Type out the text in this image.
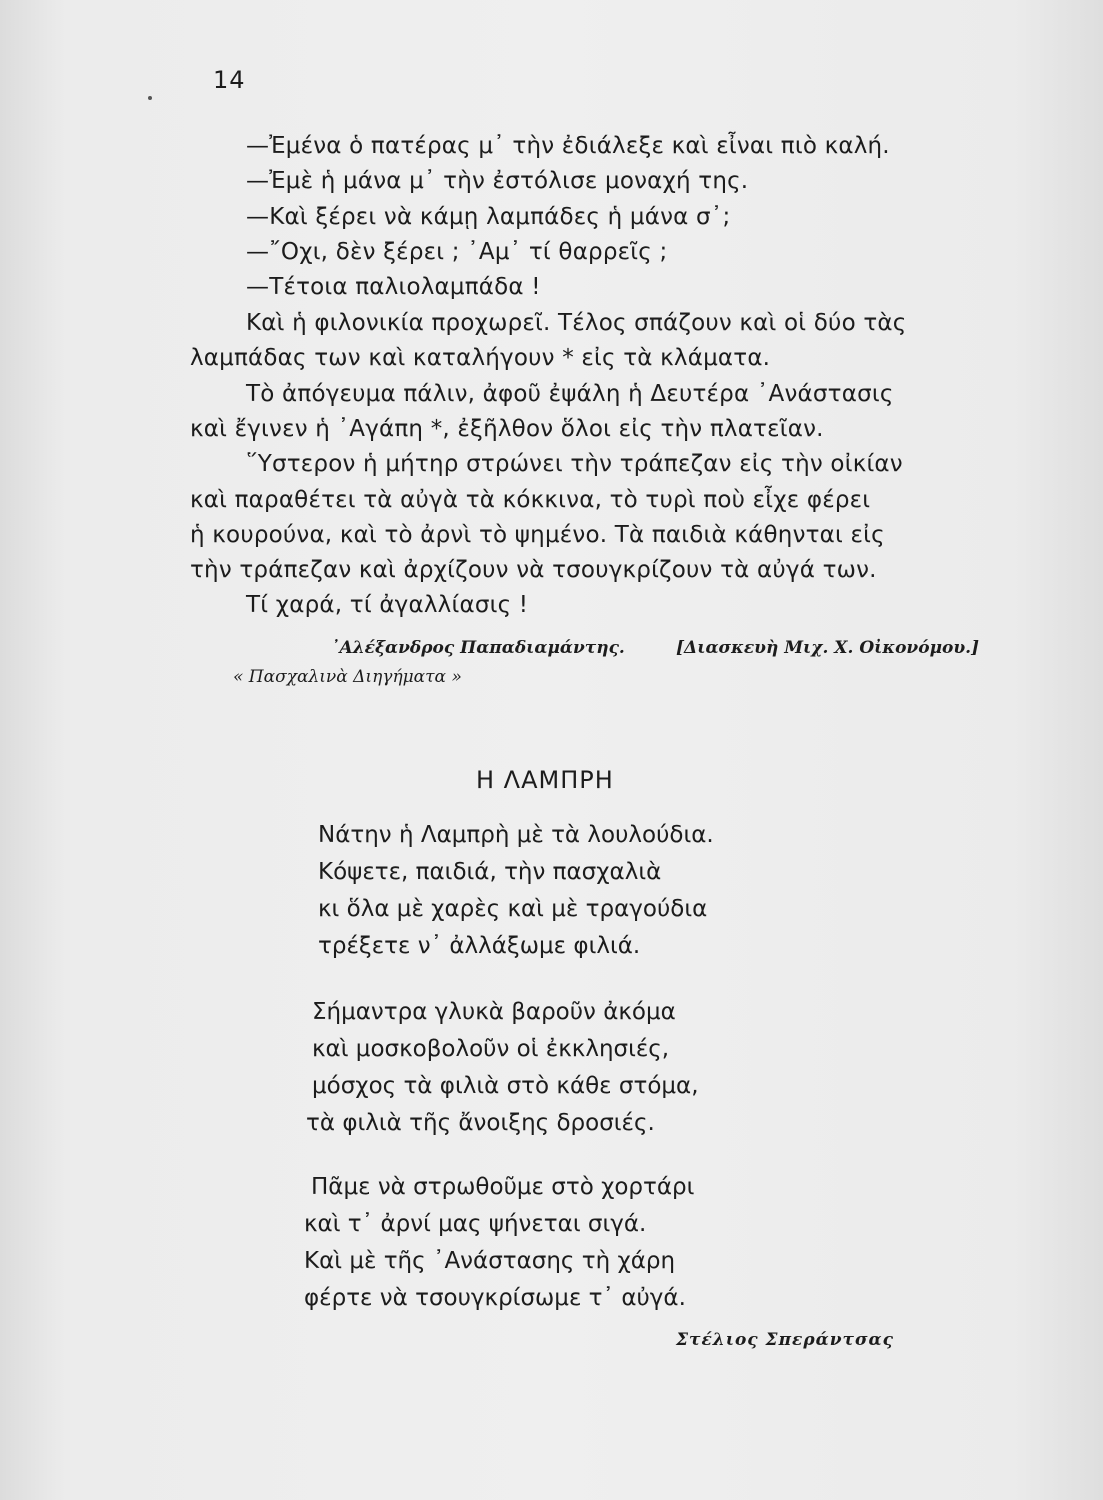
14
—Ἐμένα ὁ πατέρας μ᾿ τὴν ἐδιάλεξε καὶ εἶναι πιὸ καλή.
—Ἐμὲ ἡ μάνα μ᾿ τὴν ἐστόλισε μοναχή της.
—Καὶ ξέρει νὰ κάμῃ λαμπάδες ἡ μάνα σ᾿;
—῎Οχι, δὲν ξέρει ; ᾿Αμ᾿ τί θαρρεῖς ;
—Τέτοια παλιολαμπάδα !
Καὶ ἡ φιλονικία προχωρεῖ. Τέλος σπάζουν καὶ οἱ δύο τὰς
λαμπάδας των καὶ καταλήγουν * εἰς τὰ κλάματα.
Τὸ ἀπόγευμα πάλιν, ἀφοῦ ἐψάλη ἡ Δευτέρα ᾿Ανάστασις
καὶ ἔγινεν ἡ ᾿Αγάπη *, ἐξῆλθον ὅλοι εἰς τὴν πλατεῖαν.
῞Υστερον ἡ μήτηρ στρώνει τὴν τράπεζαν εἰς τὴν οἰκίαν
καὶ παραθέτει τὰ αὐγὰ τὰ κόκκινα, τὸ τυρὶ ποὺ εἶχε φέρει
ἡ κουρούνα, καὶ τὸ ἀρνὶ τὸ ψημένο. Τὰ παιδιὰ κάθηνται εἰς
τὴν τράπεζαν καὶ ἀρχίζουν νὰ τσουγκρίζουν τὰ αὐγά των.
Τί χαρά, τί ἀγαλλίασις !
᾿Αλέξανδρος Παπαδιαμάντης.	[Διασκευὴ Μιχ. Χ. Οἰκονόμου.]
« Πασχαλινὰ Διηγήματα »
Η ΛΑΜΠΡΗ
Νάτην ἡ Λαμπρὴ μὲ τὰ λουλούδια.
Κόψετε, παιδιά, τὴν πασχαλιὰ
κι ὅλα μὲ χαρὲς καὶ μὲ τραγούδια
τρέξετε ν᾿ ἀλλάξωμε φιλιά.
Σήμαντρα γλυκὰ βαροῦν ἀκόμα
καὶ μοσκοβολοῦν οἱ ἐκκλησιές,
μόσχος τὰ φιλιὰ στὸ κάθε στόμα,
τὰ φιλιὰ τῆς ἄνοιξης δροσιές.
Πᾶμε νὰ στρωθοῦμε στὸ χορτάρι
καὶ τ᾿ ἀρνί μας ψήνεται σιγά.
Καὶ μὲ τῆς ᾿Ανάστασης τὴ χάρη
φέρτε νὰ τσουγκρίσωμε τ᾿ αὐγά.
Στέλιος Σπεράντσας
